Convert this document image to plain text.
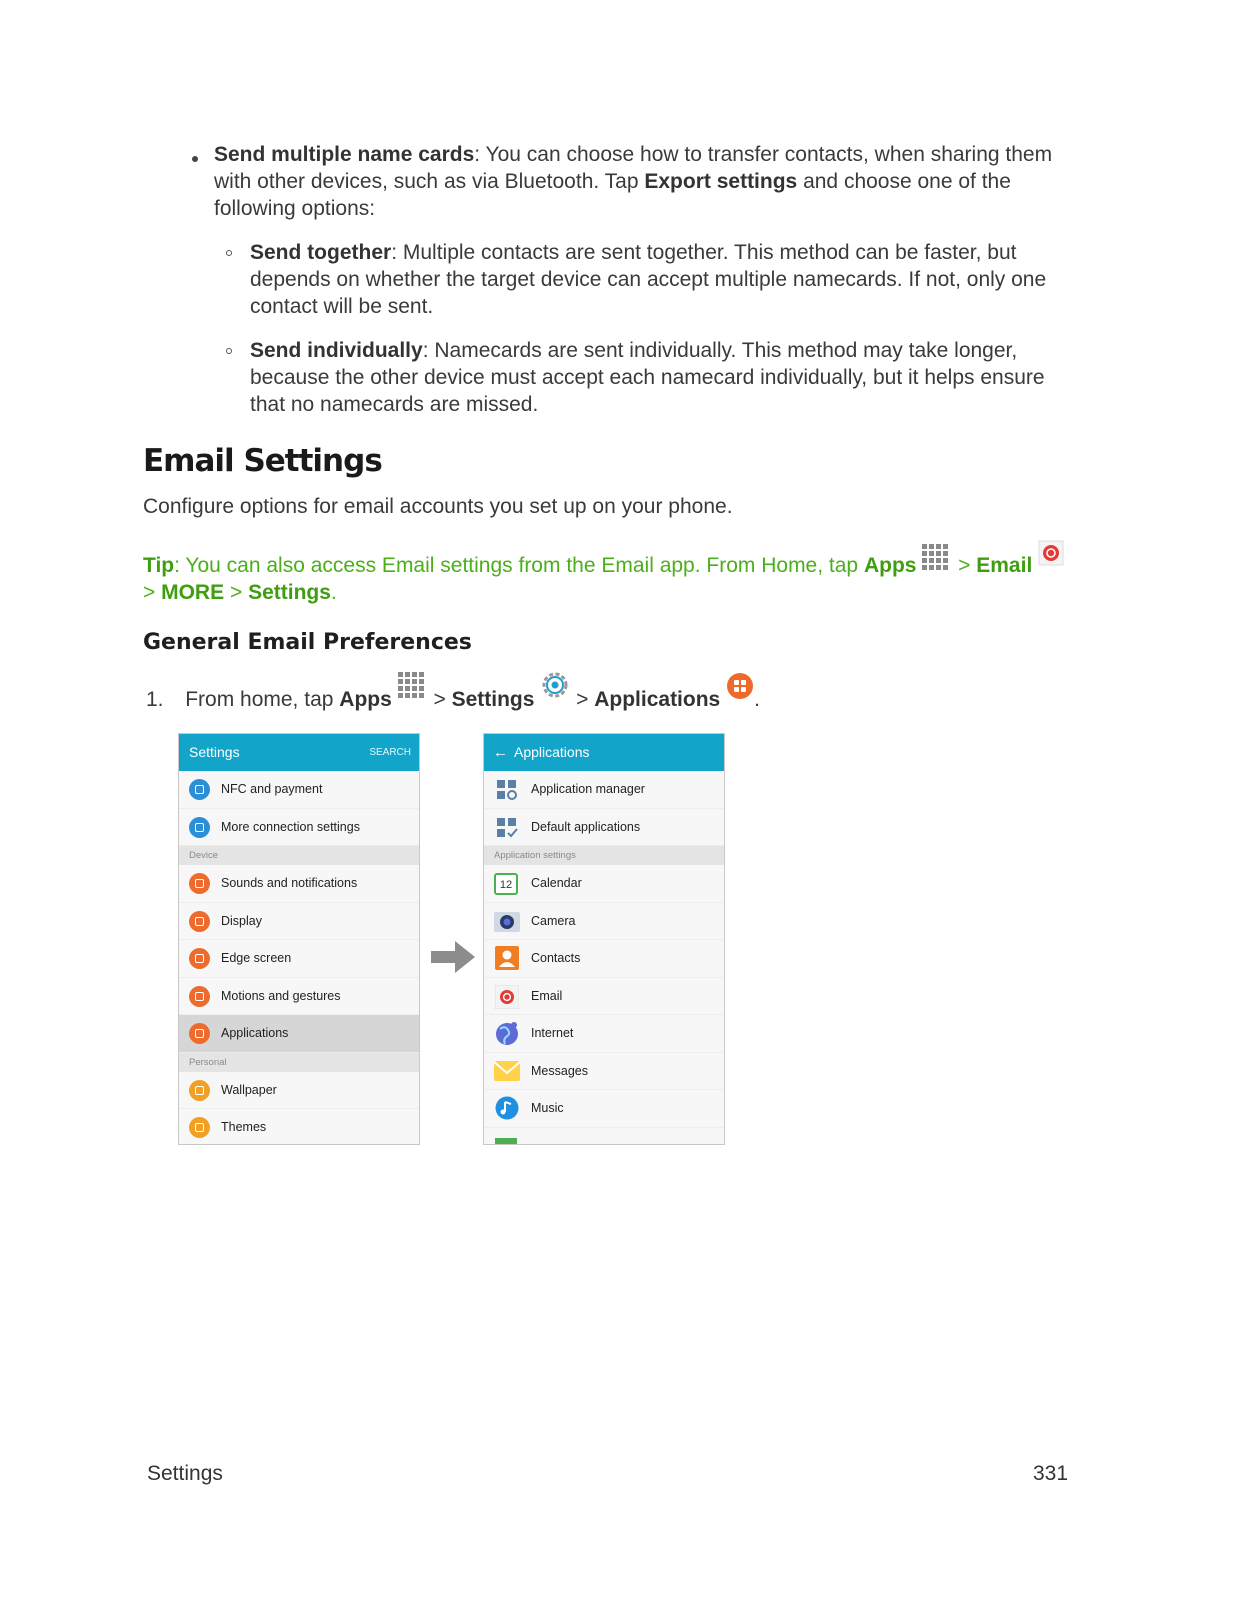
Send multiple name cards: You can choose how to transfer contacts, when sharing them
with other devices, such as via Bluetooth. Tap Export settings and choose one of the
following options:
Send together: Multiple contacts are sent together. This method can be faster, but
depends on whether the target device can accept multiple namecards. If not, only one
contact will be sent.
Send individually: Namecards are sent individually. This method may take longer,
because the other device must accept each namecard individually, but it helps ensure
that no namecards are missed.
Email Settings
Configure options for email accounts you set up on your phone.
Tip: You can also access Email settings from the Email app. From Home, tap Apps > Email
> MORE > Settings.
General Email Preferences
1. From home, tap Apps > Settings > Applications .
Settings	SEARCH
NFC and payment
More connection settings
Device
Sounds and notifications
Display
Edge screen
Motions and gestures
Applications
Personal
Wallpaper
Themes
← Applications
Application manager
Default applications
Application settings
12	Calendar
Camera
Contacts
Email
Internet
Messages
Music
Settings	331
